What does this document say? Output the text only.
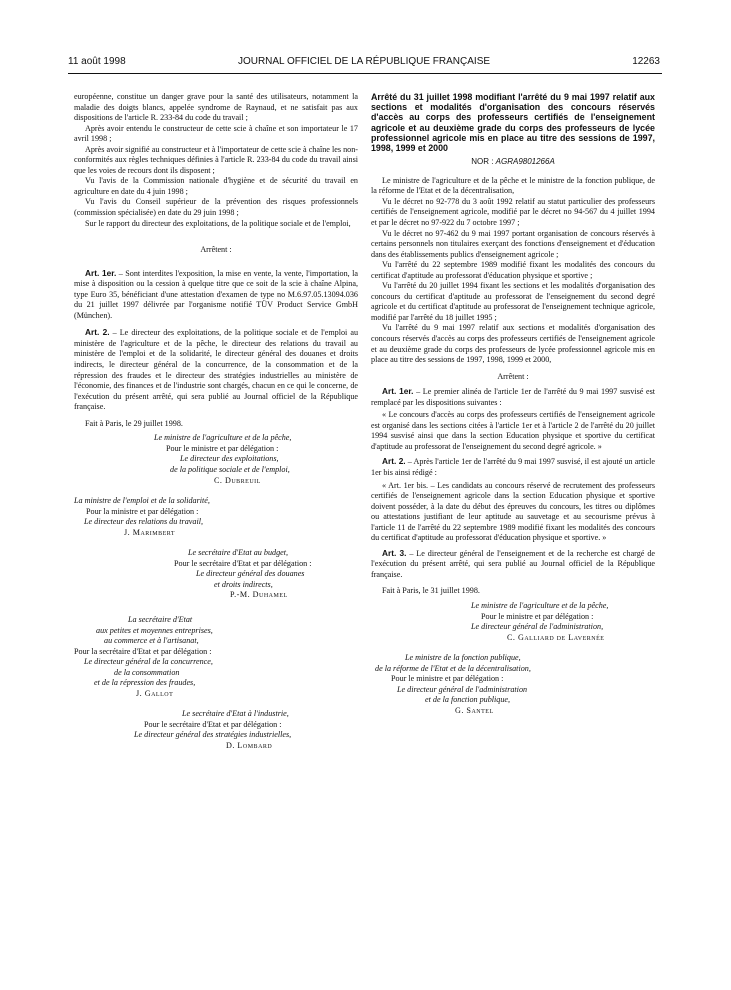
11 août 1998	JOURNAL OFFICIEL DE LA RÉPUBLIQUE FRANÇAISE	12263

européenne, constitue un danger grave pour la santé des utilisateurs, notamment la maladie des doigts blancs, appelée syndrome de Raynaud, et ne satisfait pas aux dispositions de l'article R. 233-84 du code du travail ;

Après avoir entendu le constructeur de cette scie à chaîne et son importateur le 17 avril 1998 ;

Après avoir signifié au constructeur et à l'importateur de cette scie à chaîne les non-conformités aux règles techniques définies à l'article R. 233-84 du code du travail ainsi que les voies de recours dont ils disposent ;

Vu l'avis de la Commission nationale d'hygiène et de sécurité du travail en agriculture en date du 4 juin 1998 ;

Vu l'avis du Conseil supérieur de la prévention des risques professionnels (commission spécialisée) en date du 29 juin 1998 ;

Sur le rapport du directeur des exploitations, de la politique sociale et de l'emploi,

Arrêtent :

Art. 1er. – Sont interdites l'exposition, la mise en vente, la vente, l'importation, la mise à disposition ou la cession à quelque titre que ce soit de la scie à chaîne Alpina, type Euro 35, bénéficiant d'une attestation d'examen de type no M.6.97.05.13094.036 du 21 juillet 1997 délivrée par l'organisme notifié TÜV Product Service GmbH (München).

Art. 2. – Le directeur des exploitations, de la politique sociale et de l'emploi au ministère de l'agriculture et de la pêche, le directeur des relations du travail au ministère de l'emploi et de la solidarité, le directeur général des douanes et droits indirects, le directeur général de la concurrence, de la consommation et de la répression des fraudes et le directeur des stratégies industrielles au ministère de l'économie, des finances et de l'industrie sont chargés, chacun en ce qui le concerne, de l'exécution du présent arrêté, qui sera publié au Journal officiel de la République française.

Fait à Paris, le 29 juillet 1998.

Le ministre de l'agriculture et de la pêche,
Pour le ministre et par délégation :
Le directeur des exploitations,
de la politique sociale et de l'emploi,
C. Dubreuil
La ministre de l'emploi et de la solidarité,
Pour la ministre et par délégation :
Le directeur des relations du travail,
J. Marimbert
Le secrétaire d'Etat au budget,
Pour le secrétaire d'Etat et par délégation :
Le directeur général des douanes
et droits indirects,
P.-M. Duhamel
La secrétaire d'Etat
aux petites et moyennes entreprises,
au commerce et à l'artisanat,
Pour la secrétaire d'Etat et par délégation :
Le directeur général de la concurrence,
de la consommation
et de la répression des fraudes,
J. Gallot
Le secrétaire d'Etat à l'industrie,
Pour le secrétaire d'Etat et par délégation :
Le directeur général des stratégies industrielles,
D. Lombard
Arrêté du 31 juillet 1998 modifiant l'arrêté du 9 mai 1997 relatif aux sections et modalités d'organisation des concours réservés d'accès au corps des professeurs certifiés de l'enseignement agricole et au deuxième grade du corps des professeurs de lycée professionnel agricole mis en place au titre des sessions de 1997, 1998, 1999 et 2000
NOR : AGRA9801266A

Le ministre de l'agriculture et de la pêche et le ministre de la fonction publique, de la réforme de l'Etat et de la décentralisation,

Vu le décret no 92-778 du 3 août 1992 relatif au statut particulier des professeurs certifiés de l'enseignement agricole, modifié par le décret no 94-567 du 4 juillet 1994 et par le décret no 97-922 du 7 octobre 1997 ;

Vu le décret no 97-462 du 9 mai 1997 portant organisation de concours réservés à certains personnels non titulaires exerçant des fonctions d'enseignement et d'éducation dans des établissements publics d'enseignement agricole ;

Vu l'arrêté du 22 septembre 1989 modifié fixant les modalités des concours du certificat d'aptitude au professorat d'éducation physique et sportive ;

Vu l'arrêté du 20 juillet 1994 fixant les sections et les modalités d'organisation des concours du certificat d'aptitude au professorat de l'enseignement du second degré agricole et du certificat d'aptitude au professorat de l'enseignement technique agricole, modifié par l'arrêté du 18 juillet 1995 ;

Vu l'arrêté du 9 mai 1997 relatif aux sections et modalités d'organisation des concours réservés d'accès au corps des professeurs certifiés de l'enseignement agricole et au deuxième grade du corps des professeurs de lycée professionnel agricole mis en place au titre des sessions de 1997, 1998, 1999 et 2000,

Arrêtent :

Art. 1er. – Le premier alinéa de l'article 1er de l'arrêté du 9 mai 1997 susvisé est remplacé par les dispositions suivantes :

« Le concours d'accès au corps des professeurs certifiés de l'enseignement agricole est organisé dans les sections citées à l'article 1er et à l'article 2 de l'arrêté du 20 juillet 1994 susvisé ainsi que dans la section Education physique et sportive du certificat d'aptitude au professorat de l'enseignement du second degré agricole. »

Art. 2. – Après l'article 1er de l'arrêté du 9 mai 1997 susvisé, il est ajouté un article 1er bis ainsi rédigé :

« Art. 1er bis. – Les candidats au concours réservé de recrutement des professeurs certifiés de l'enseignement agricole dans la section Education physique et sportive doivent posséder, à la date du début des épreuves du concours, les titres ou diplômes ou attestations justifiant de leur aptitude au sauvetage et au secourisme prévus à l'article 11 de l'arrêté du 22 septembre 1989 modifié fixant les modalités des concours du certificat d'aptitude au professorat d'éducation physique et sportive. »

Art. 3. – Le directeur général de l'enseignement et de la recherche est chargé de l'exécution du présent arrêté, qui sera publié au Journal officiel de la République française.

Fait à Paris, le 31 juillet 1998.

Le ministre de l'agriculture et de la pêche,
Pour le ministre et par délégation :
Le directeur général de l'administration,
C. Galliard de Lavernée
Le ministre de la fonction publique,
de la réforme de l'Etat et de la décentralisation,
Pour le ministre et par délégation :
Le directeur général de l'administration
et de la fonction publique,
G. Santel
